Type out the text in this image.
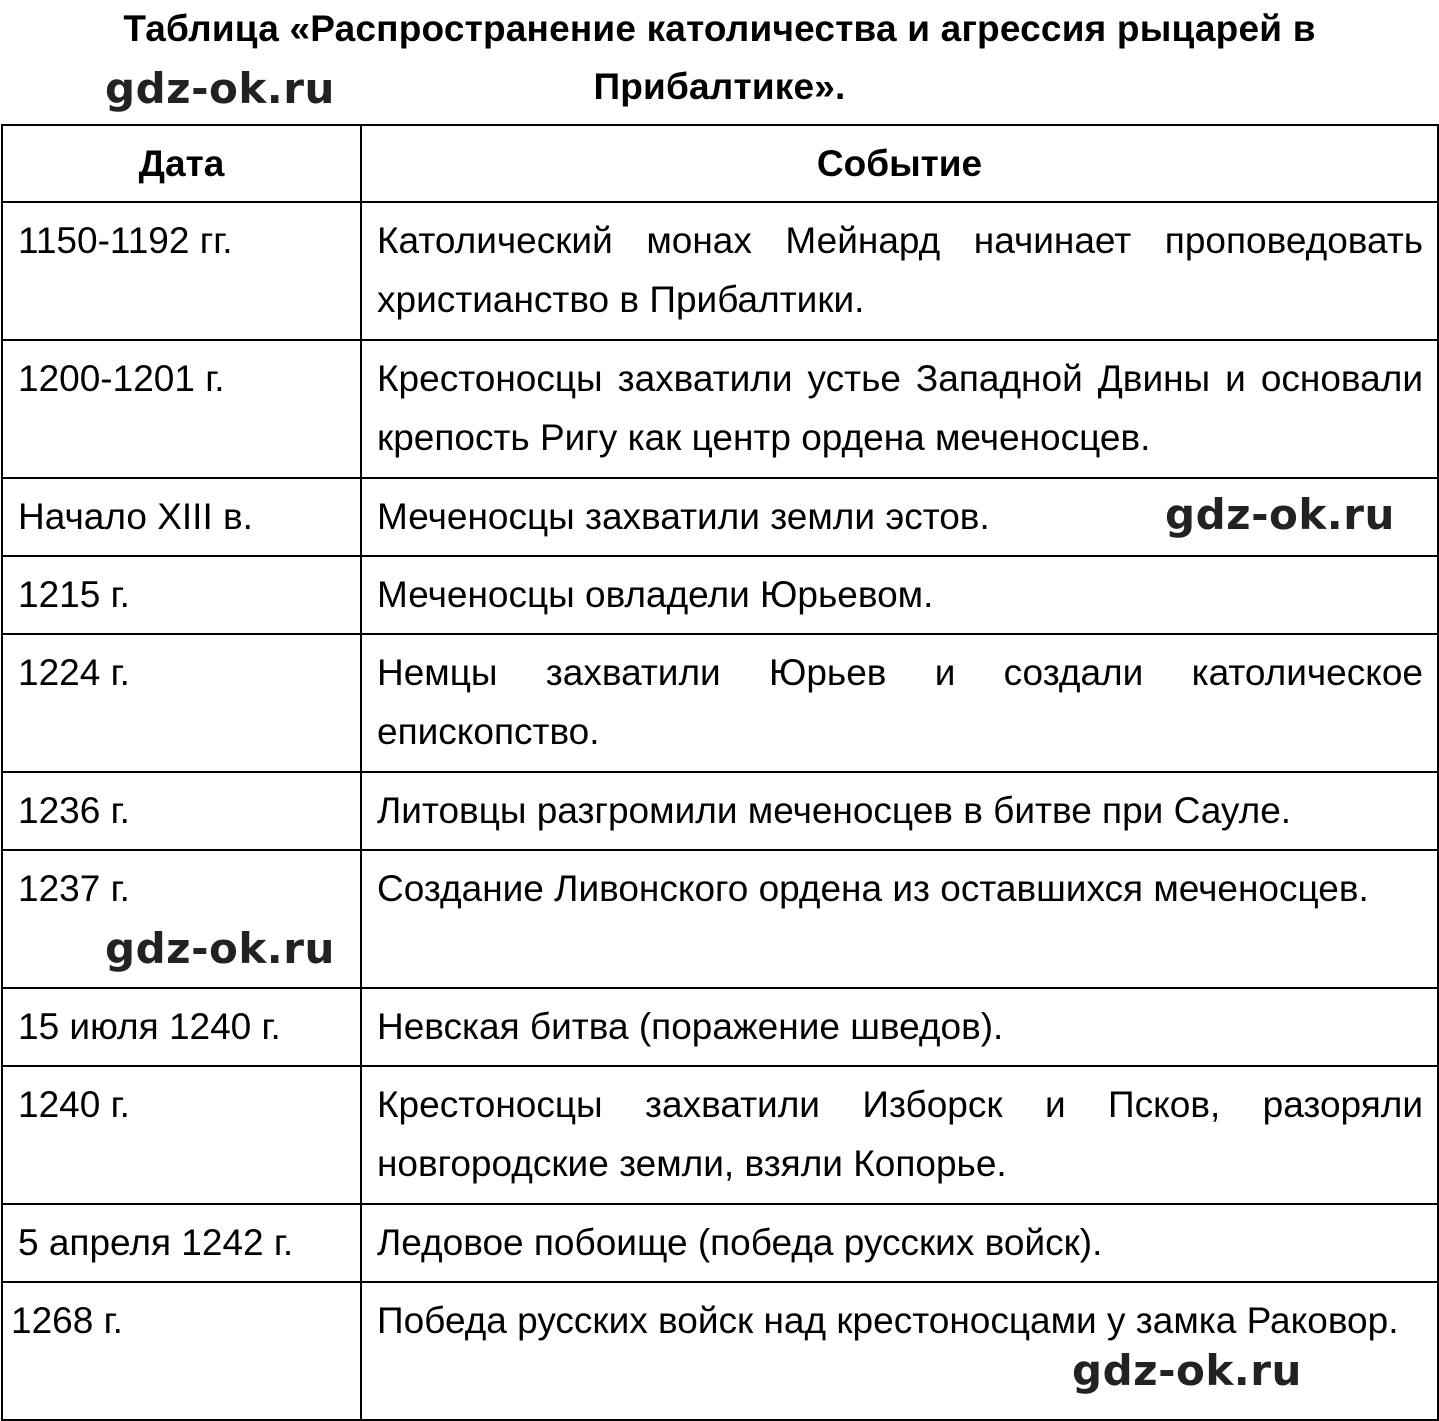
Таблица «Распространение католичества и агрессия рыцарей в
Прибалтике».
Дата	Событие
1150-1192 гг.	Католический монах Мейнард начинает проповедовать христианство в Прибалтики.
1200-1201 г.	Крестоносцы захватили устье Западной Двины и основали крепость Ригу как центр ордена меченосцев.
Начало XIII в.	Меченосцы захватили земли эстов.
1215 г.	Меченосцы овладели Юрьевом.
1224 г.	Немцы захватили Юрьев и создали католическое епископство.
1236 г.	Литовцы разгромили меченосцев в битве при Сауле.
1237 г.	Создание Ливонского ордена из оставшихся меченосцев.
15 июля 1240 г.	Невская битва (поражение шведов).
1240 г.	Крестоносцы захватили Изборск и Псков, разоряли новгородские земли, взяли Копорье.
5 апреля 1242 г.	Ледовое побоище (победа русских войск).
1268 г.	Победа русских войск над крестоносцами у замка Раковор.
gdz-ok.ru
gdz-ok.ru
gdz-ok.ru
gdz-ok.ru
